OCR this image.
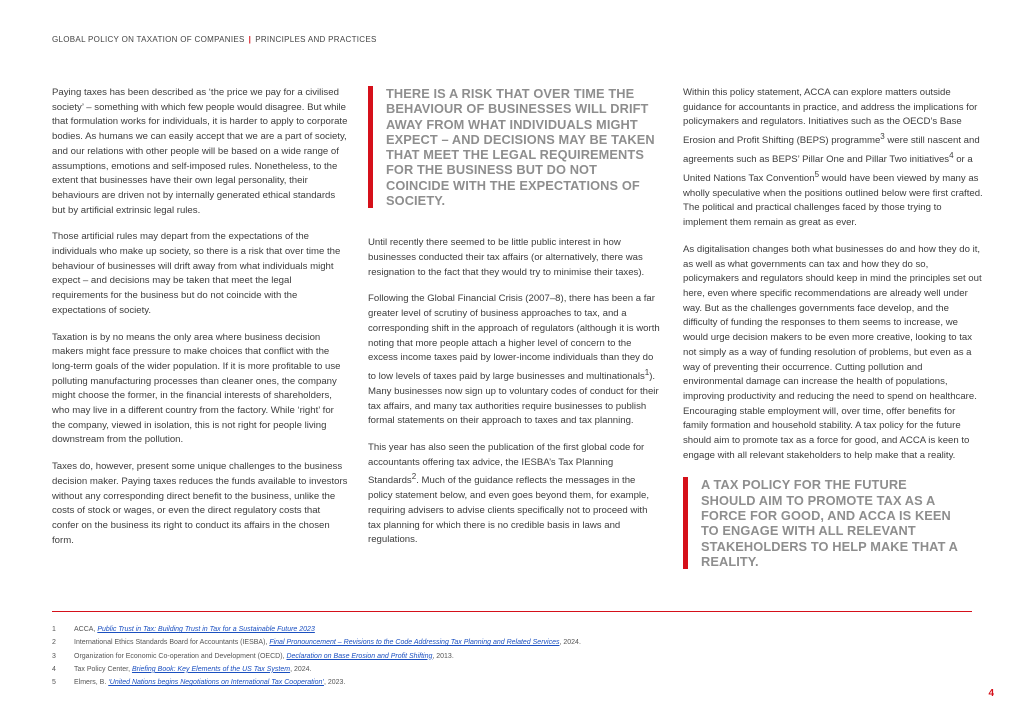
GLOBAL POLICY ON TAXATION OF COMPANIES | PRINCIPLES AND PRACTICES

Paying taxes has been described as ‘the price we pay for a civilised society’ – something with which few people would disagree. But while that formulation works for individuals, it is harder to apply to corporate bodies. As humans we can easily accept that we are a part of society, and our relations with other people will be based on a wide range of assumptions, emotions and self-imposed rules. Nonetheless, to the extent that businesses have their own legal personality, their behaviours are driven not by internally generated ethical standards but by artificial extrinsic legal rules.

Those artificial rules may depart from the expectations of the individuals who make up society, so there is a risk that over time the behaviour of businesses will drift away from what individuals might expect – and decisions may be taken that meet the legal requirements for the business but do not coincide with the expectations of society.

Taxation is by no means the only area where business decision makers might face pressure to make choices that conflict with the long-term goals of the wider population. If it is more profitable to use polluting manufacturing processes than cleaner ones, the company might choose the former, in the financial interests of shareholders, who may live in a different country from the factory. While ‘right’ for the company, viewed in isolation, this is not right for people living downstream from the pollution.

Taxes do, however, present some unique challenges to the business decision maker. Paying taxes reduces the funds available to investors without any corresponding direct benefit to the business, unlike the costs of stock or wages, or even the direct regulatory costs that confer on the business its right to conduct its affairs in the chosen form.

THERE IS A RISK THAT OVER TIME THE BEHAVIOUR OF BUSINESSES WILL DRIFT AWAY FROM WHAT INDIVIDUALS MIGHT EXPECT – AND DECISIONS MAY BE TAKEN THAT MEET THE LEGAL REQUIREMENTS FOR THE BUSINESS BUT DO NOT COINCIDE WITH THE EXPECTATIONS OF SOCIETY.

Until recently there seemed to be little public interest in how businesses conducted their tax affairs (or alternatively, there was resignation to the fact that they would try to minimise their taxes).

Following the Global Financial Crisis (2007–8), there has been a far greater level of scrutiny of business approaches to tax, and a corresponding shift in the approach of regulators (although it is worth noting that more people attach a higher level of concern to the excess income taxes paid by lower-income individuals than they do to low levels of taxes paid by large businesses and multinationals$^1$). Many businesses now sign up to voluntary codes of conduct for their tax affairs, and many tax authorities require businesses to publish formal statements on their approach to taxes and tax planning.

This year has also seen the publication of the first global code for accountants offering tax advice, the IESBA’s Tax Planning Standards$^2$. Much of the guidance reflects the messages in the policy statement below, and even goes beyond them, for example, requiring advisers to advise clients specifically not to proceed with tax planning for which there is no credible basis in laws and regulations.

Within this policy statement, ACCA can explore matters outside guidance for accountants in practice, and address the implications for policymakers and regulators. Initiatives such as the OECD’s Base Erosion and Profit Shifting (BEPS) programme$^3$ were still nascent and agreements such as BEPS’ Pillar One and Pillar Two initiatives$^4$ or a United Nations Tax Convention$^5$ would have been viewed by many as wholly speculative when the positions outlined below were first crafted. The political and practical challenges faced by those trying to implement them remain as great as ever.

As digitalisation changes both what businesses do and how they do it, as well as what governments can tax and how they do so, policymakers and regulators should keep in mind the principles set out here, even where specific recommendations are already well under way. But as the challenges governments face develop, and the difficulty of funding the responses to them seems to increase, we would urge decision makers to be even more creative, looking to tax not simply as a way of funding resolution of problems, but even as a way of preventing their occurrence. Cutting pollution and environmental damage can increase the health of populations, improving productivity and reducing the need to spend on healthcare. Encouraging stable employment will, over time, offer benefits for family formation and household stability. A tax policy for the future should aim to promote tax as a force for good, and ACCA is keen to engage with all relevant stakeholders to help make that a reality.

A TAX POLICY FOR THE FUTURE SHOULD AIM TO PROMOTE TAX AS A FORCE FOR GOOD, AND ACCA IS KEEN TO ENGAGE WITH ALL RELEVANT STAKEHOLDERS TO HELP MAKE THAT A REALITY.
1	ACCA, Public Trust in Tax: Building Trust in Tax for a Sustainable Future 2023
2	International Ethics Standards Board for Accountants (IESBA), Final Pronouncement – Revisions to the Code Addressing Tax Planning and Related Services, 2024.
3	Organization for Economic Co-operation and Development (OECD), Declaration on Base Erosion and Profit Shifting, 2013.
4	Tax Policy Center, Briefing Book: Key Elements of the US Tax System, 2024.
5	Elmers, B. ‘United Nations begins Negotiations on International Tax Cooperation’, 2023.
4
